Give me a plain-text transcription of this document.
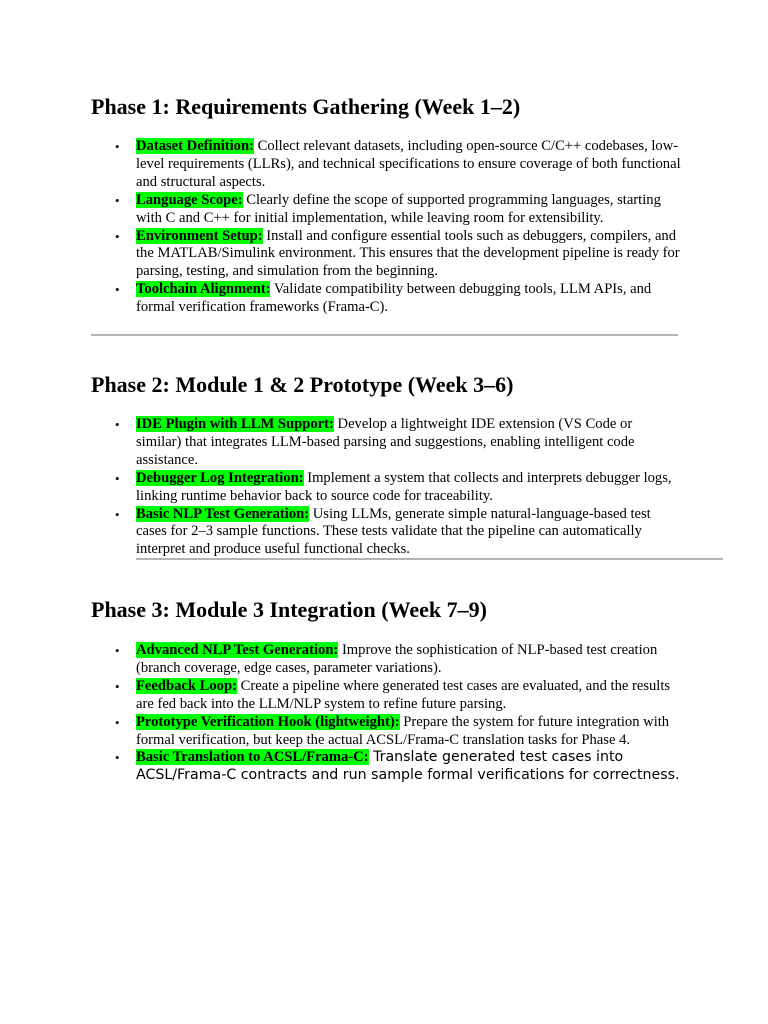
Phase 1: Requirements Gathering (Week 1–2)
• Dataset Definition: Collect relevant datasets, including open-source C/C++ codebases, low-level requirements (LLRs), and technical specifications to ensure coverage of both functional and structural aspects.
• Language Scope: Clearly define the scope of supported programming languages, starting with C and C++ for initial implementation, while leaving room for extensibility.
• Environment Setup: Install and configure essential tools such as debuggers, compilers, and the MATLAB/Simulink environment. This ensures that the development pipeline is ready for parsing, testing, and simulation from the beginning.
• Toolchain Alignment: Validate compatibility between debugging tools, LLM APIs, and formal verification frameworks (Frama-C).
Phase 2: Module 1 & 2 Prototype (Week 3–6)
• IDE Plugin with LLM Support: Develop a lightweight IDE extension (VS Code or similar) that integrates LLM-based parsing and suggestions, enabling intelligent code assistance.
• Debugger Log Integration: Implement a system that collects and interprets debugger logs, linking runtime behavior back to source code for traceability.
• Basic NLP Test Generation: Using LLMs, generate simple natural-language-based test cases for 2–3 sample functions. These tests validate that the pipeline can automatically interpret and produce useful functional checks.
Phase 3: Module 3 Integration (Week 7–9)
• Advanced NLP Test Generation: Improve the sophistication of NLP-based test creation (branch coverage, edge cases, parameter variations).
• Feedback Loop: Create a pipeline where generated test cases are evaluated, and the results are fed back into the LLM/NLP system to refine future parsing.
• Prototype Verification Hook (lightweight): Prepare the system for future integration with formal verification, but keep the actual ACSL/Frama-C translation tasks for Phase 4.
• Basic Translation to ACSL/Frama-C: Translate generated test cases into ACSL/Frama-C contracts and run sample formal verifications for correctness.
